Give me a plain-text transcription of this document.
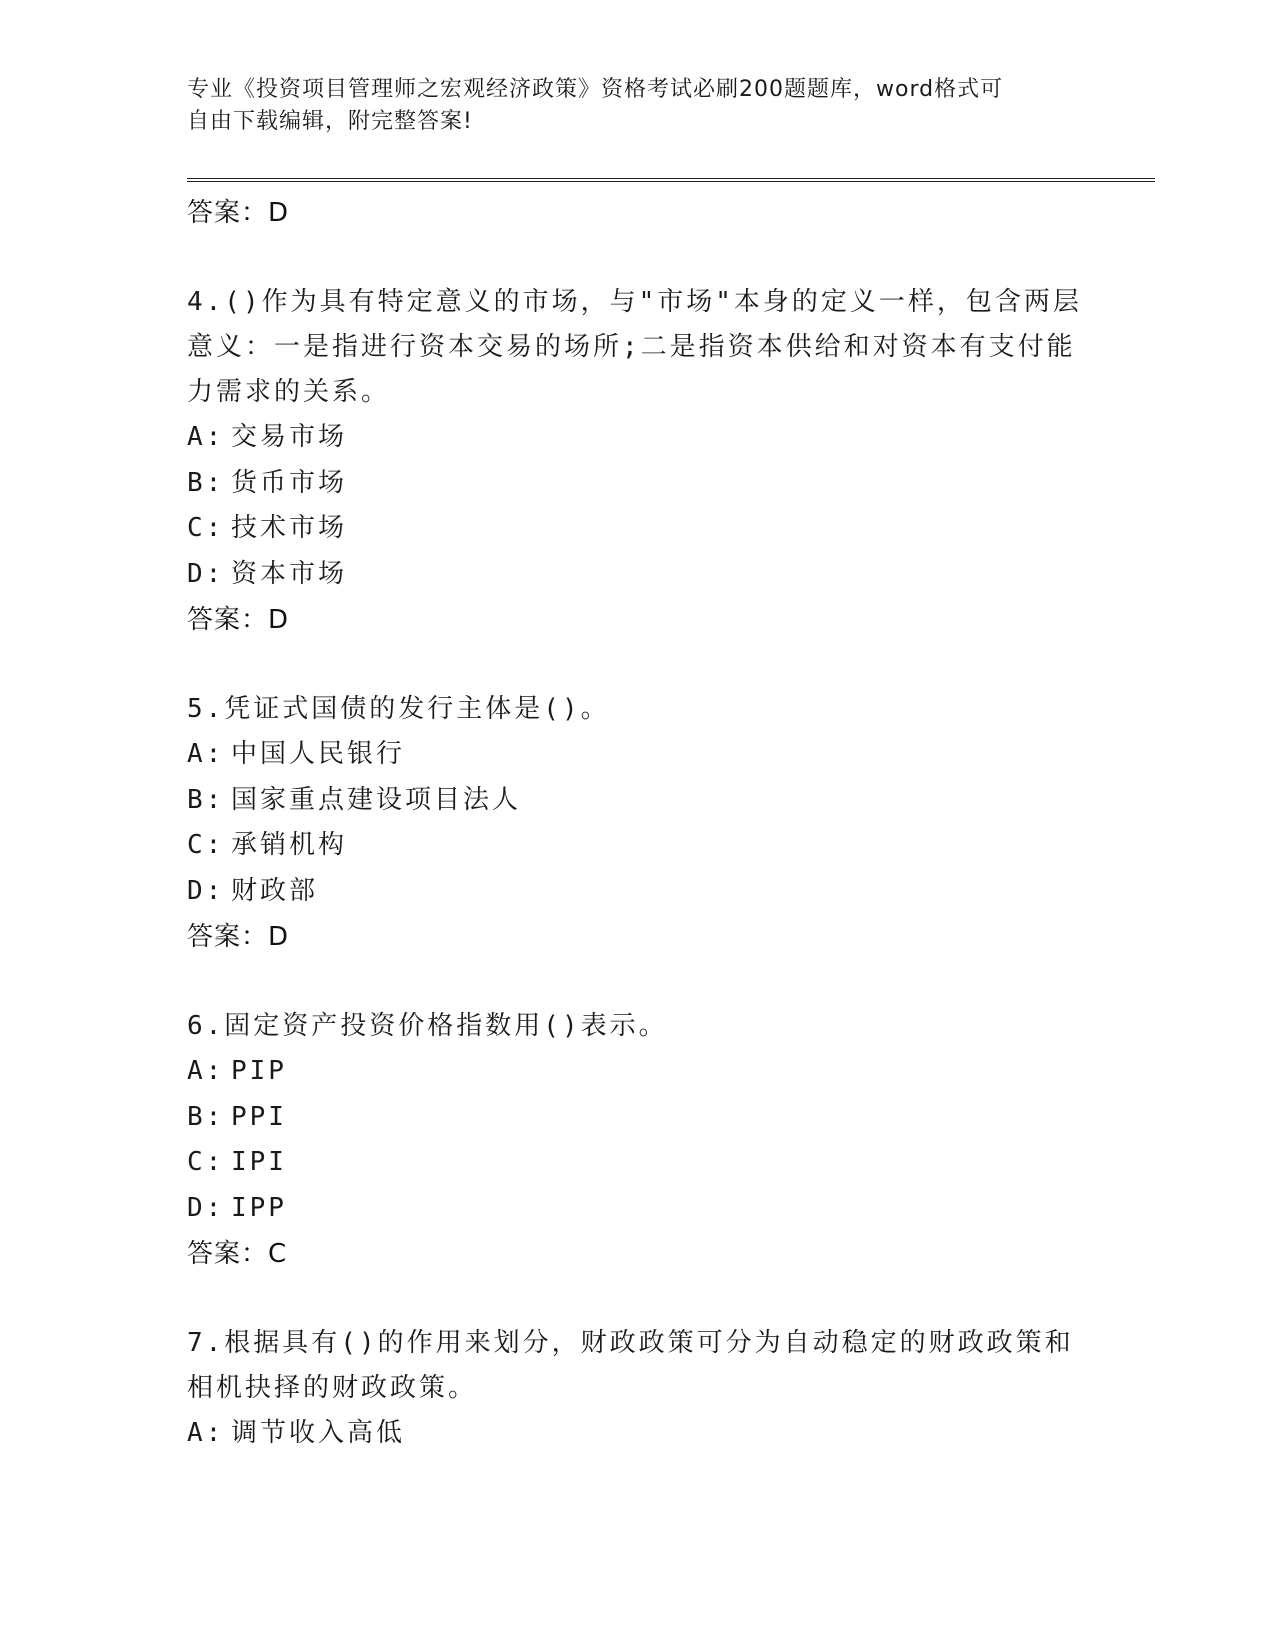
专业《投资项目管理师之宏观经济政策》资格考试必刷200题题库，word格式可
自由下载编辑，附完整答案!
答案：D
4.()作为具有特定意义的市场，与"市场"本身的定义一样，包含两层意义：一是指进行资本交易的场所;二是指资本供给和对资本有支付能力需求的关系。
A: 交易市场
B: 货币市场
C: 技术市场
D: 资本市场
答案：D
5.凭证式国债的发行主体是()。
A: 中国人民银行
B: 国家重点建设项目法人
C: 承销机构
D: 财政部
答案：D
6.固定资产投资价格指数用()表示。
A: PIP
B: PPI
C: IPI
D: IPP
答案：C
7.根据具有()的作用来划分，财政政策可分为自动稳定的财政政策和相机抉择的财政政策。
A: 调节收入高低
